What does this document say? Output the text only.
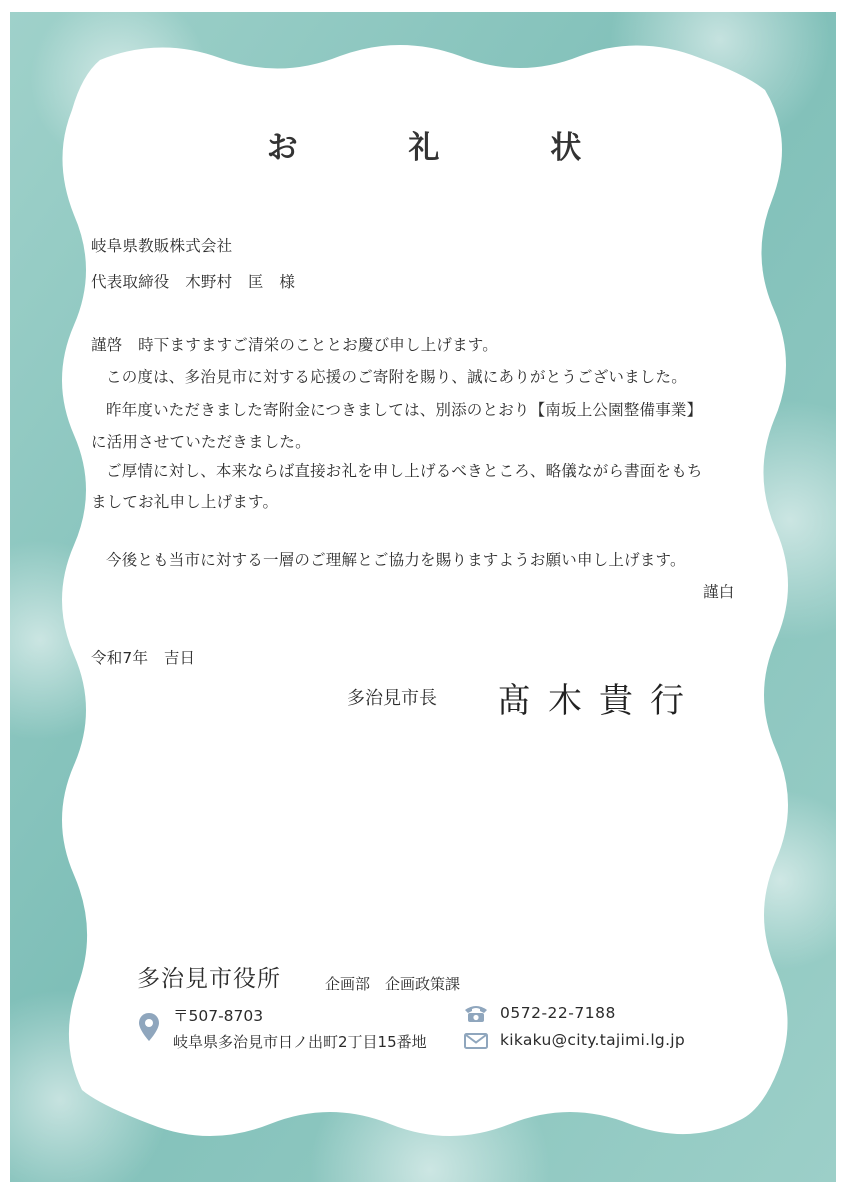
お 礼 状
岐阜県教販株式会社
代表取締役　木野村　匡　様
謹啓　時下ますますご清栄のこととお慶び申し上げます。
この度は、多治見市に対する応援のご寄附を賜り、誠にありがとうございました。
昨年度いただきました寄附金につきましては、別添のとおり【南坂上公園整備事業】
に活用させていただきました。
ご厚情に対し、本来ならば直接お礼を申し上げるべきところ、略儀ながら書面をもち
ましてお礼申し上げます。
今後とも当市に対する一層のご理解とご協力を賜りますようお願い申し上げます。
謹白
令和7年　吉日
多治見市長 髙木貴行
多治見市役所	企画部　企画政策課
〒507-8703
岐阜県多治見市日ノ出町2丁目15番地
0572-22-7188
kikaku@city.tajimi.lg.jp
